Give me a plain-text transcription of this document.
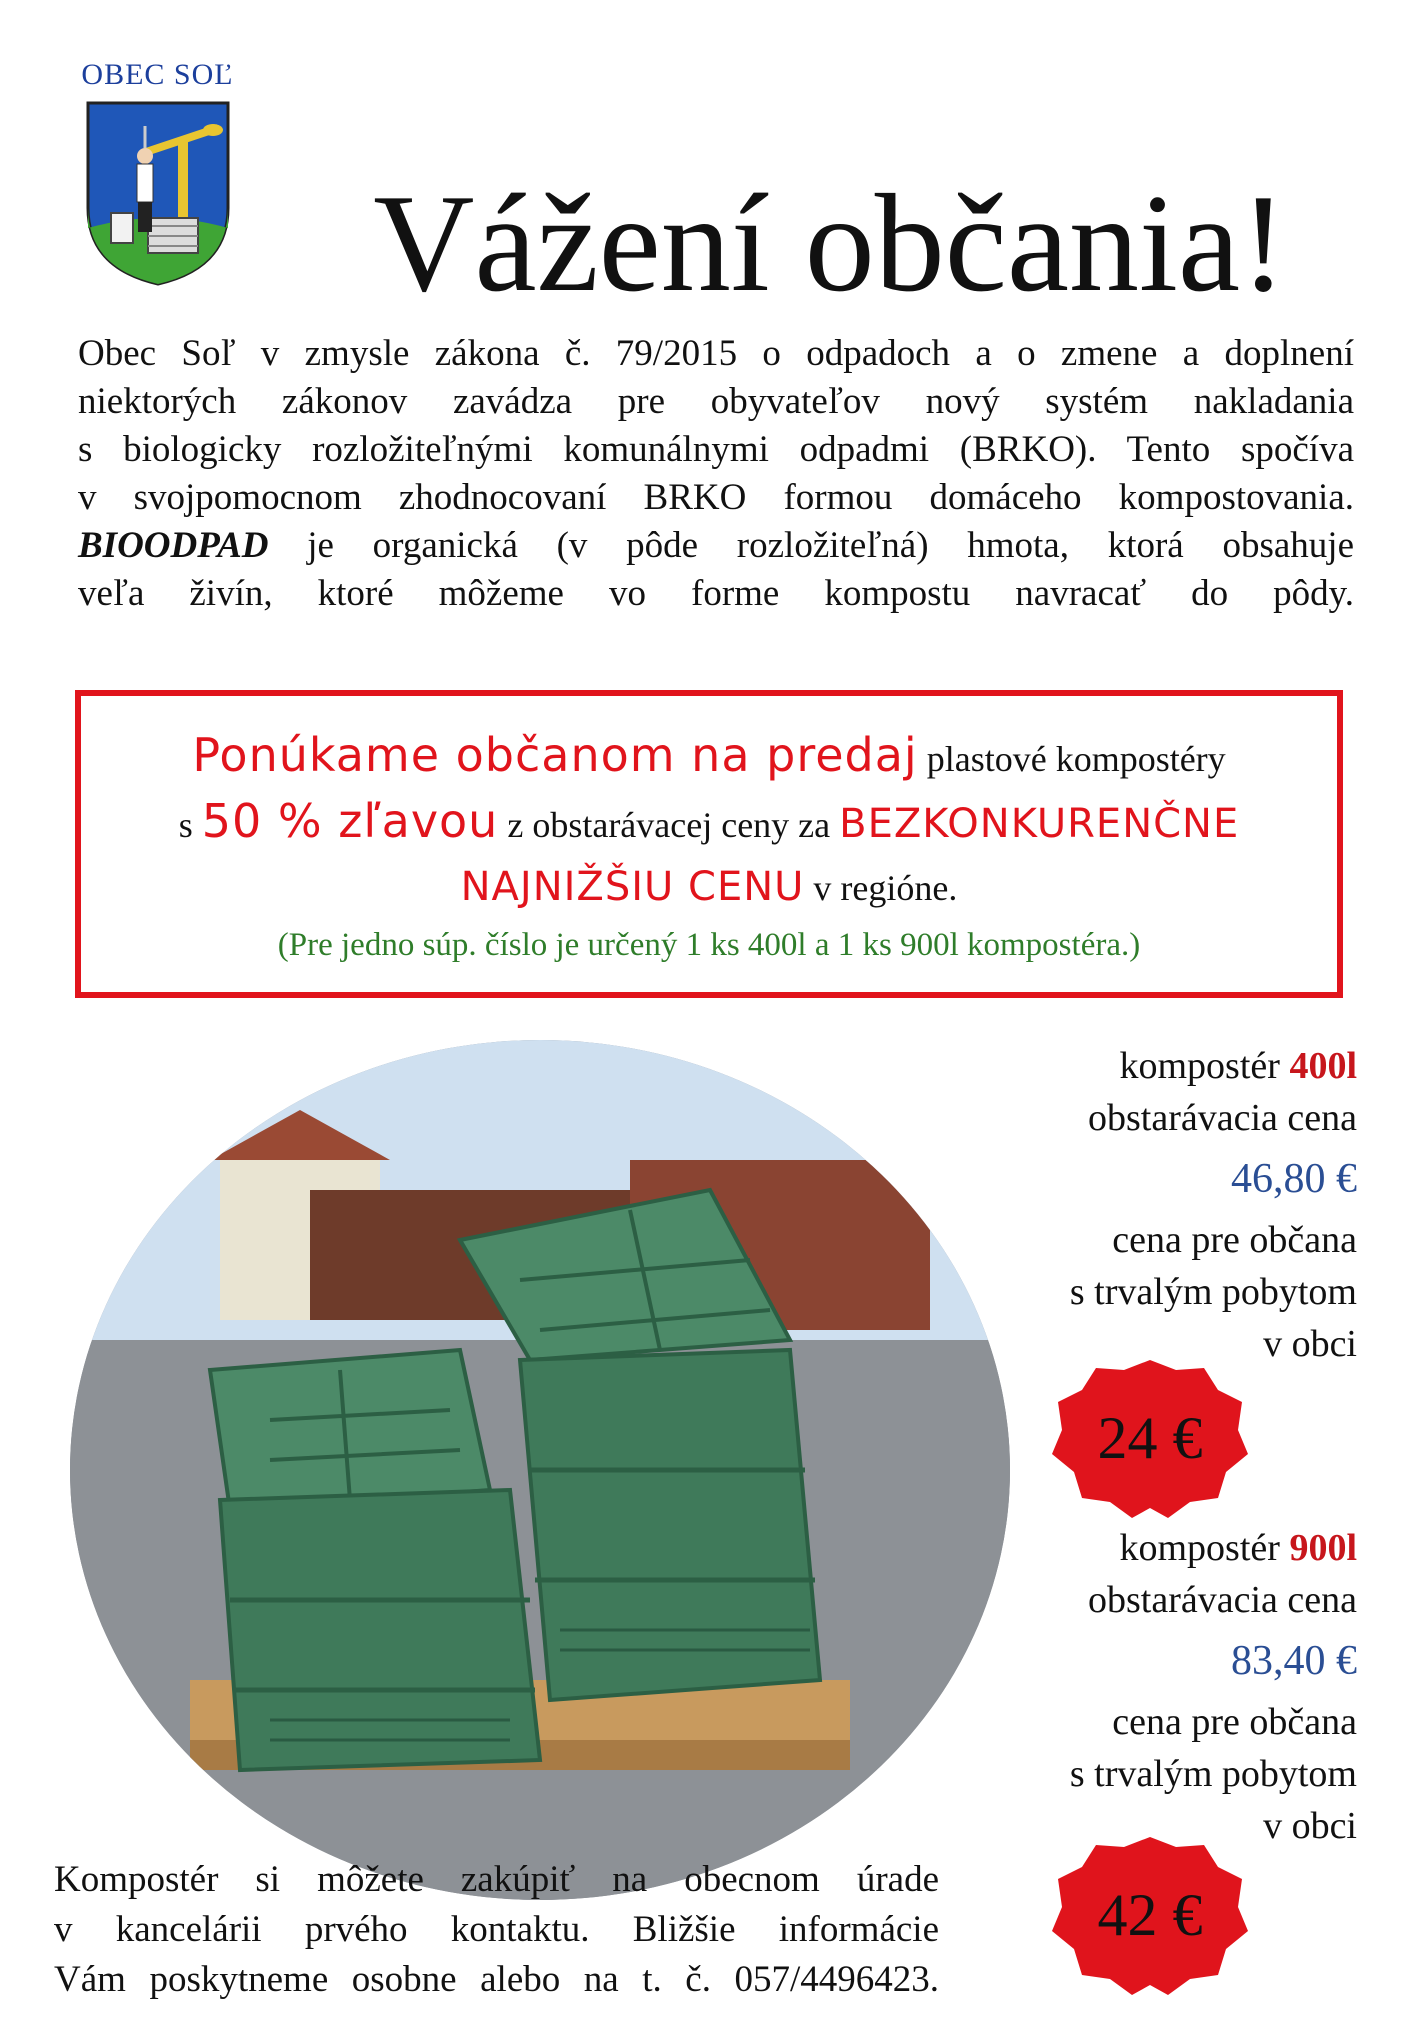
OBEC SOĽ
Vážení občania!
Obec Soľ v zmysle zákona č. 79/2015 o odpadoch a o zmene a doplnení
niektorých zákonov zavádza pre obyvateľov nový systém nakladania
s biologicky rozložiteľnými komunálnymi odpadmi (BRKO). Tento spočíva
v svojpomocnom zhodnocovaní BRKO formou domáceho kompostovania.
BIOODPAD je organická (v pôde rozložiteľná) hmota, ktorá obsahuje
veľa živín, ktoré môžeme vo forme kompostu navracať do pôdy.
Ponúkame občanom na predaj plastové kompostéry
s 50 % zľavou z obstarávacej ceny za BEZKONKURENČNE
NAJNIŽŠIU CENU v regióne.
(Pre jedno súp. číslo je určený 1 ks 400l a 1 ks 900l kompostéra.)
kompostér 400l
obstarávacia cena
46,80 €
cena pre občana
s trvalým pobytom
v obci
24 €
kompostér 900l
obstarávacia cena
83,40 €
cena pre občana
s trvalým pobytom
v obci
42 €
Kompostér si môžete zakúpiť na obecnom úrade
v kancelárii prvého kontaktu. Bližšie informácie
Vám poskytneme osobne alebo na t. č. 057/4496423.
